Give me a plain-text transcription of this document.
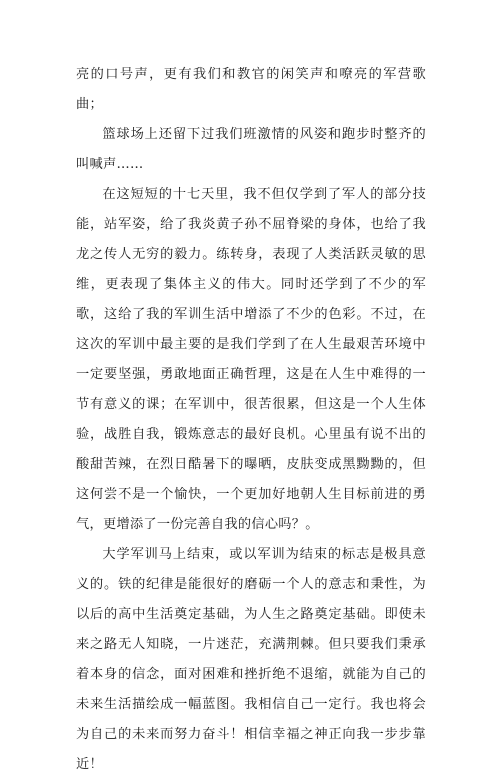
亮的口号声，更有我们和教官的闲笑声和嘹亮的军营歌曲；

篮球场上还留下过我们班激情的风姿和跑步时整齐的叫喊声……

在这短短的十七天里，我不但仅学到了军人的部分技能，站军姿，给了我炎黄子孙不屈脊梁的身体，也给了我龙之传人无穷的毅力。练转身，表现了人类活跃灵敏的思维，更表现了集体主义的伟大。同时还学到了不少的军歌，这给了我的军训生活中增添了不少的色彩。不过，在这次的军训中最主要的是我们学到了在人生最艰苦环境中一定要坚强，勇敢地面正确哲理，这是在人生中难得的一节有意义的课；在军训中，很苦很累，但这是一个人生体验，战胜自我，锻炼意志的最好良机。心里虽有说不出的酸甜苦辣，在烈日酷暑下的曝晒，皮肤变成黑黝黝的，但这何尝不是一个愉快，一个更加好地朝人生目标前进的勇气，更增添了一份完善自我的信心吗？。

大学军训马上结束，或以军训为结束的标志是极具意义的。铁的纪律是能很好的磨砺一个人的意志和秉性，为以后的高中生活奠定基础，为人生之路奠定基础。即使未来之路无人知晓，一片迷茫，充满荆棘。但只要我们秉承着本身的信念，面对困难和挫折绝不退缩，就能为自己的未来生活描绘成一幅蓝图。我相信自己一定行。我也将会为自己的未来而努力奋斗！相信幸福之神正向我一步步靠近！
